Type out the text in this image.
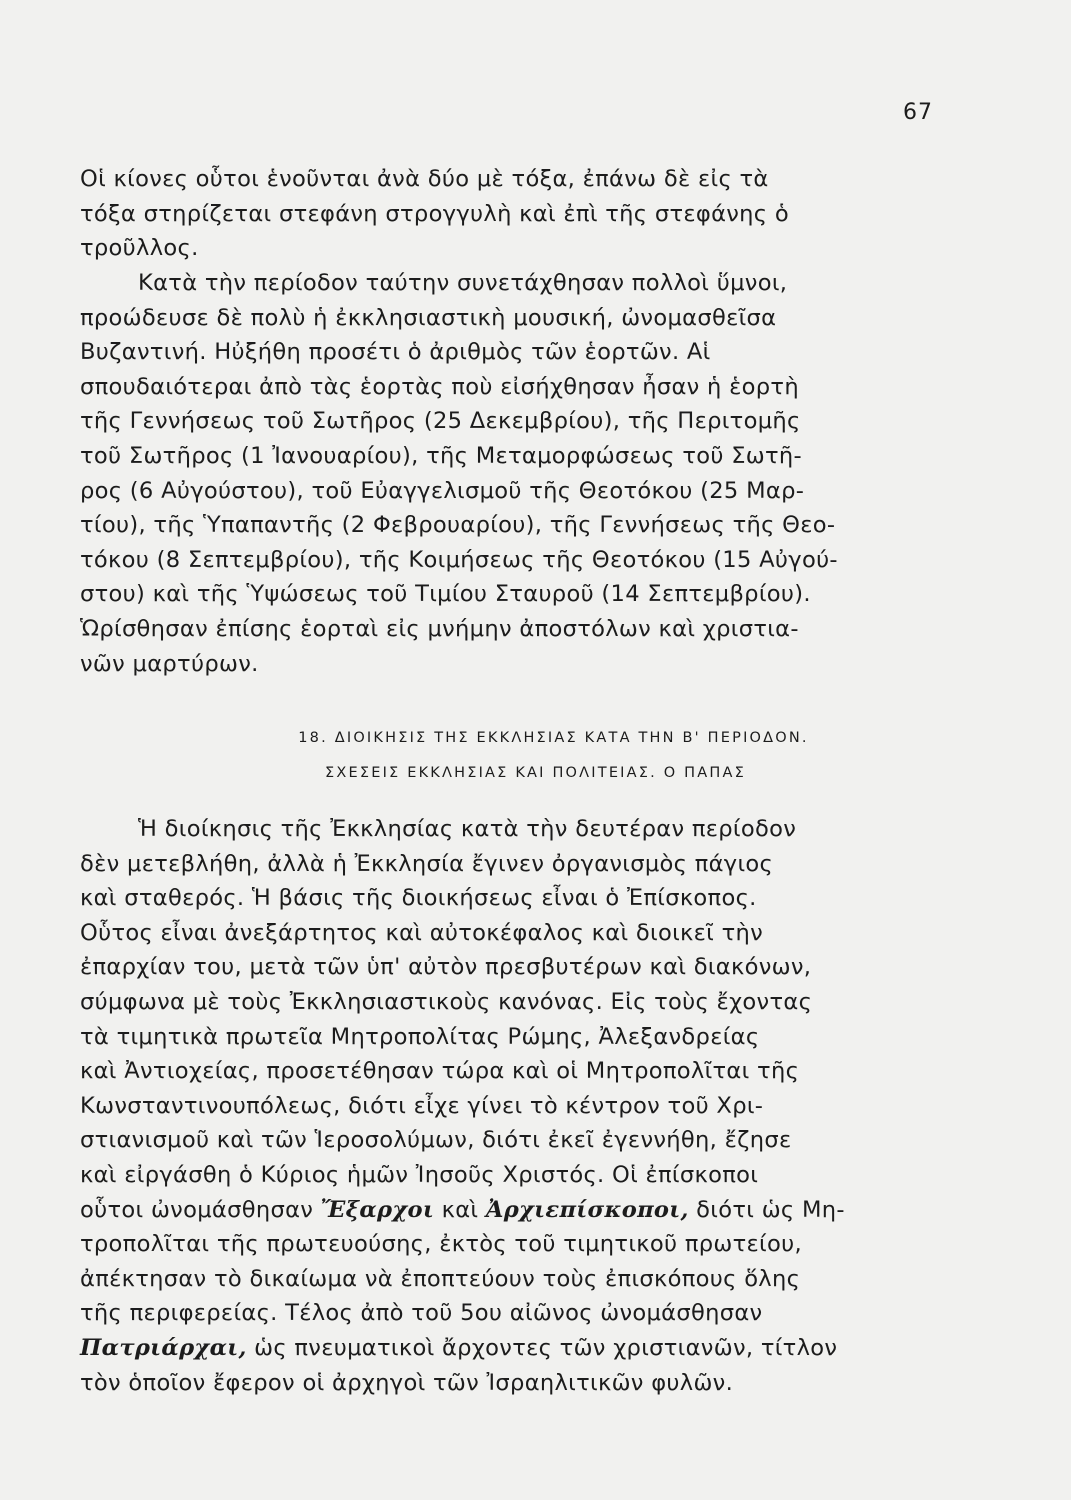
67

Οἱ κίονες οὗτοι ἑνοῦνται ἀνὰ δύο μὲ τόξα, ἐπάνω δὲ εἰς τὰ
τόξα στηρίζεται στεφάνη στρογγυλὴ καὶ ἐπὶ τῆς στεφάνης ὁ
τροῦλλος.

Κατὰ τὴν περίοδον ταύτην συνετάχθησαν πολλοὶ ὕμνοι,
προώδευσε δὲ πολὺ ἡ ἐκκλησιαστικὴ μουσική, ὠνομασθεῖσα
Βυζαντινή. Ηὐξήθη προσέτι ὁ ἀριθμὸς τῶν ἑορτῶν. Αἱ
σπουδαιότεραι ἀπὸ τὰς ἑορτὰς ποὺ εἰσήχθησαν ἦσαν ἡ ἑορτὴ
τῆς Γεννήσεως τοῦ Σωτῆρος (25 Δεκεμβρίου), τῆς Περιτομῆς
τοῦ Σωτῆρος (1 Ἰανουαρίου), τῆς Μεταμορφώσεως τοῦ Σωτῆ-
ρος (6 Αὐγούστου), τοῦ Εὐαγγελισμοῦ τῆς Θεοτόκου (25 Μαρ-
τίου), τῆς Ὑπαπαντῆς (2 Φεβρουαρίου), τῆς Γεννήσεως τῆς Θεο-
τόκου (8 Σεπτεμβρίου), τῆς Κοιμήσεως τῆς Θεοτόκου (15 Αὐγού-
στου) καὶ τῆς Ὑψώσεως τοῦ Τιμίου Σταυροῦ (14 Σεπτεμβρίου).
Ὡρίσθησαν ἐπίσης ἑορταὶ εἰς μνήμην ἀποστόλων καὶ χριστια-
νῶν μαρτύρων.

18. ΔΙΟΙΚΗΣΙΣ ΤΗΣ ΕΚΚΛΗΣΙΑΣ ΚΑΤΑ ΤΗΝ Β' ΠΕΡΙΟΔΟΝ.
ΣΧΕΣΕΙΣ ΕΚΚΛΗΣΙΑΣ ΚΑΙ ΠΟΛΙΤΕΙΑΣ. Ο ΠΑΠΑΣ

Ἡ διοίκησις τῆς Ἐκκλησίας κατὰ τὴν δευτέραν περίοδον
δὲν μετεβλήθη, ἀλλὰ ἡ Ἐκκλησία ἔγινεν ὀργανισμὸς πάγιος
καὶ σταθερός. Ἡ βάσις τῆς διοικήσεως εἶναι ὁ Ἐπίσκοπος.
Οὗτος εἶναι ἀνεξάρτητος καὶ αὐτοκέφαλος καὶ διοικεῖ τὴν
ἐπαρχίαν του, μετὰ τῶν ὑπ' αὐτὸν πρεσβυτέρων καὶ διακόνων,
σύμφωνα μὲ τοὺς Ἐκκλησιαστικοὺς κανόνας. Εἰς τοὺς ἔχοντας
τὰ τιμητικὰ πρωτεῖα Μητροπολίτας Ρώμης, Ἀλεξανδρείας
καὶ Ἀντιοχείας, προσετέθησαν τώρα καὶ οἱ Μητροπολῖται τῆς
Κωνσταντινουπόλεως, διότι εἶχε γίνει τὸ κέντρον τοῦ Χρι-
στιανισμοῦ καὶ τῶν Ἱεροσολύμων, διότι ἐκεῖ ἐγεννήθη, ἔζησε
καὶ εἰργάσθη ὁ Κύριος ἡμῶν Ἰησοῦς Χριστός. Οἱ ἐπίσκοποι
οὗτοι ὠνομάσθησαν Ἔξαρχοι καὶ Ἀρχιεπίσκοποι, διότι ὡς Μη-
τροπολῖται τῆς πρωτευούσης, ἐκτὸς τοῦ τιμητικοῦ πρωτείου,
ἀπέκτησαν τὸ δικαίωμα νὰ ἐποπτεύουν τοὺς ἐπισκόπους ὅλης
τῆς περιφερείας. Τέλος ἀπὸ τοῦ 5ου αἰῶνος ὠνομάσθησαν
Πατριάρχαι, ὡς πνευματικοὶ ἄρχοντες τῶν χριστιανῶν, τίτλον
τὸν ὁποῖον ἔφερον οἱ ἀρχηγοὶ τῶν Ἰσραηλιτικῶν φυλῶν.
